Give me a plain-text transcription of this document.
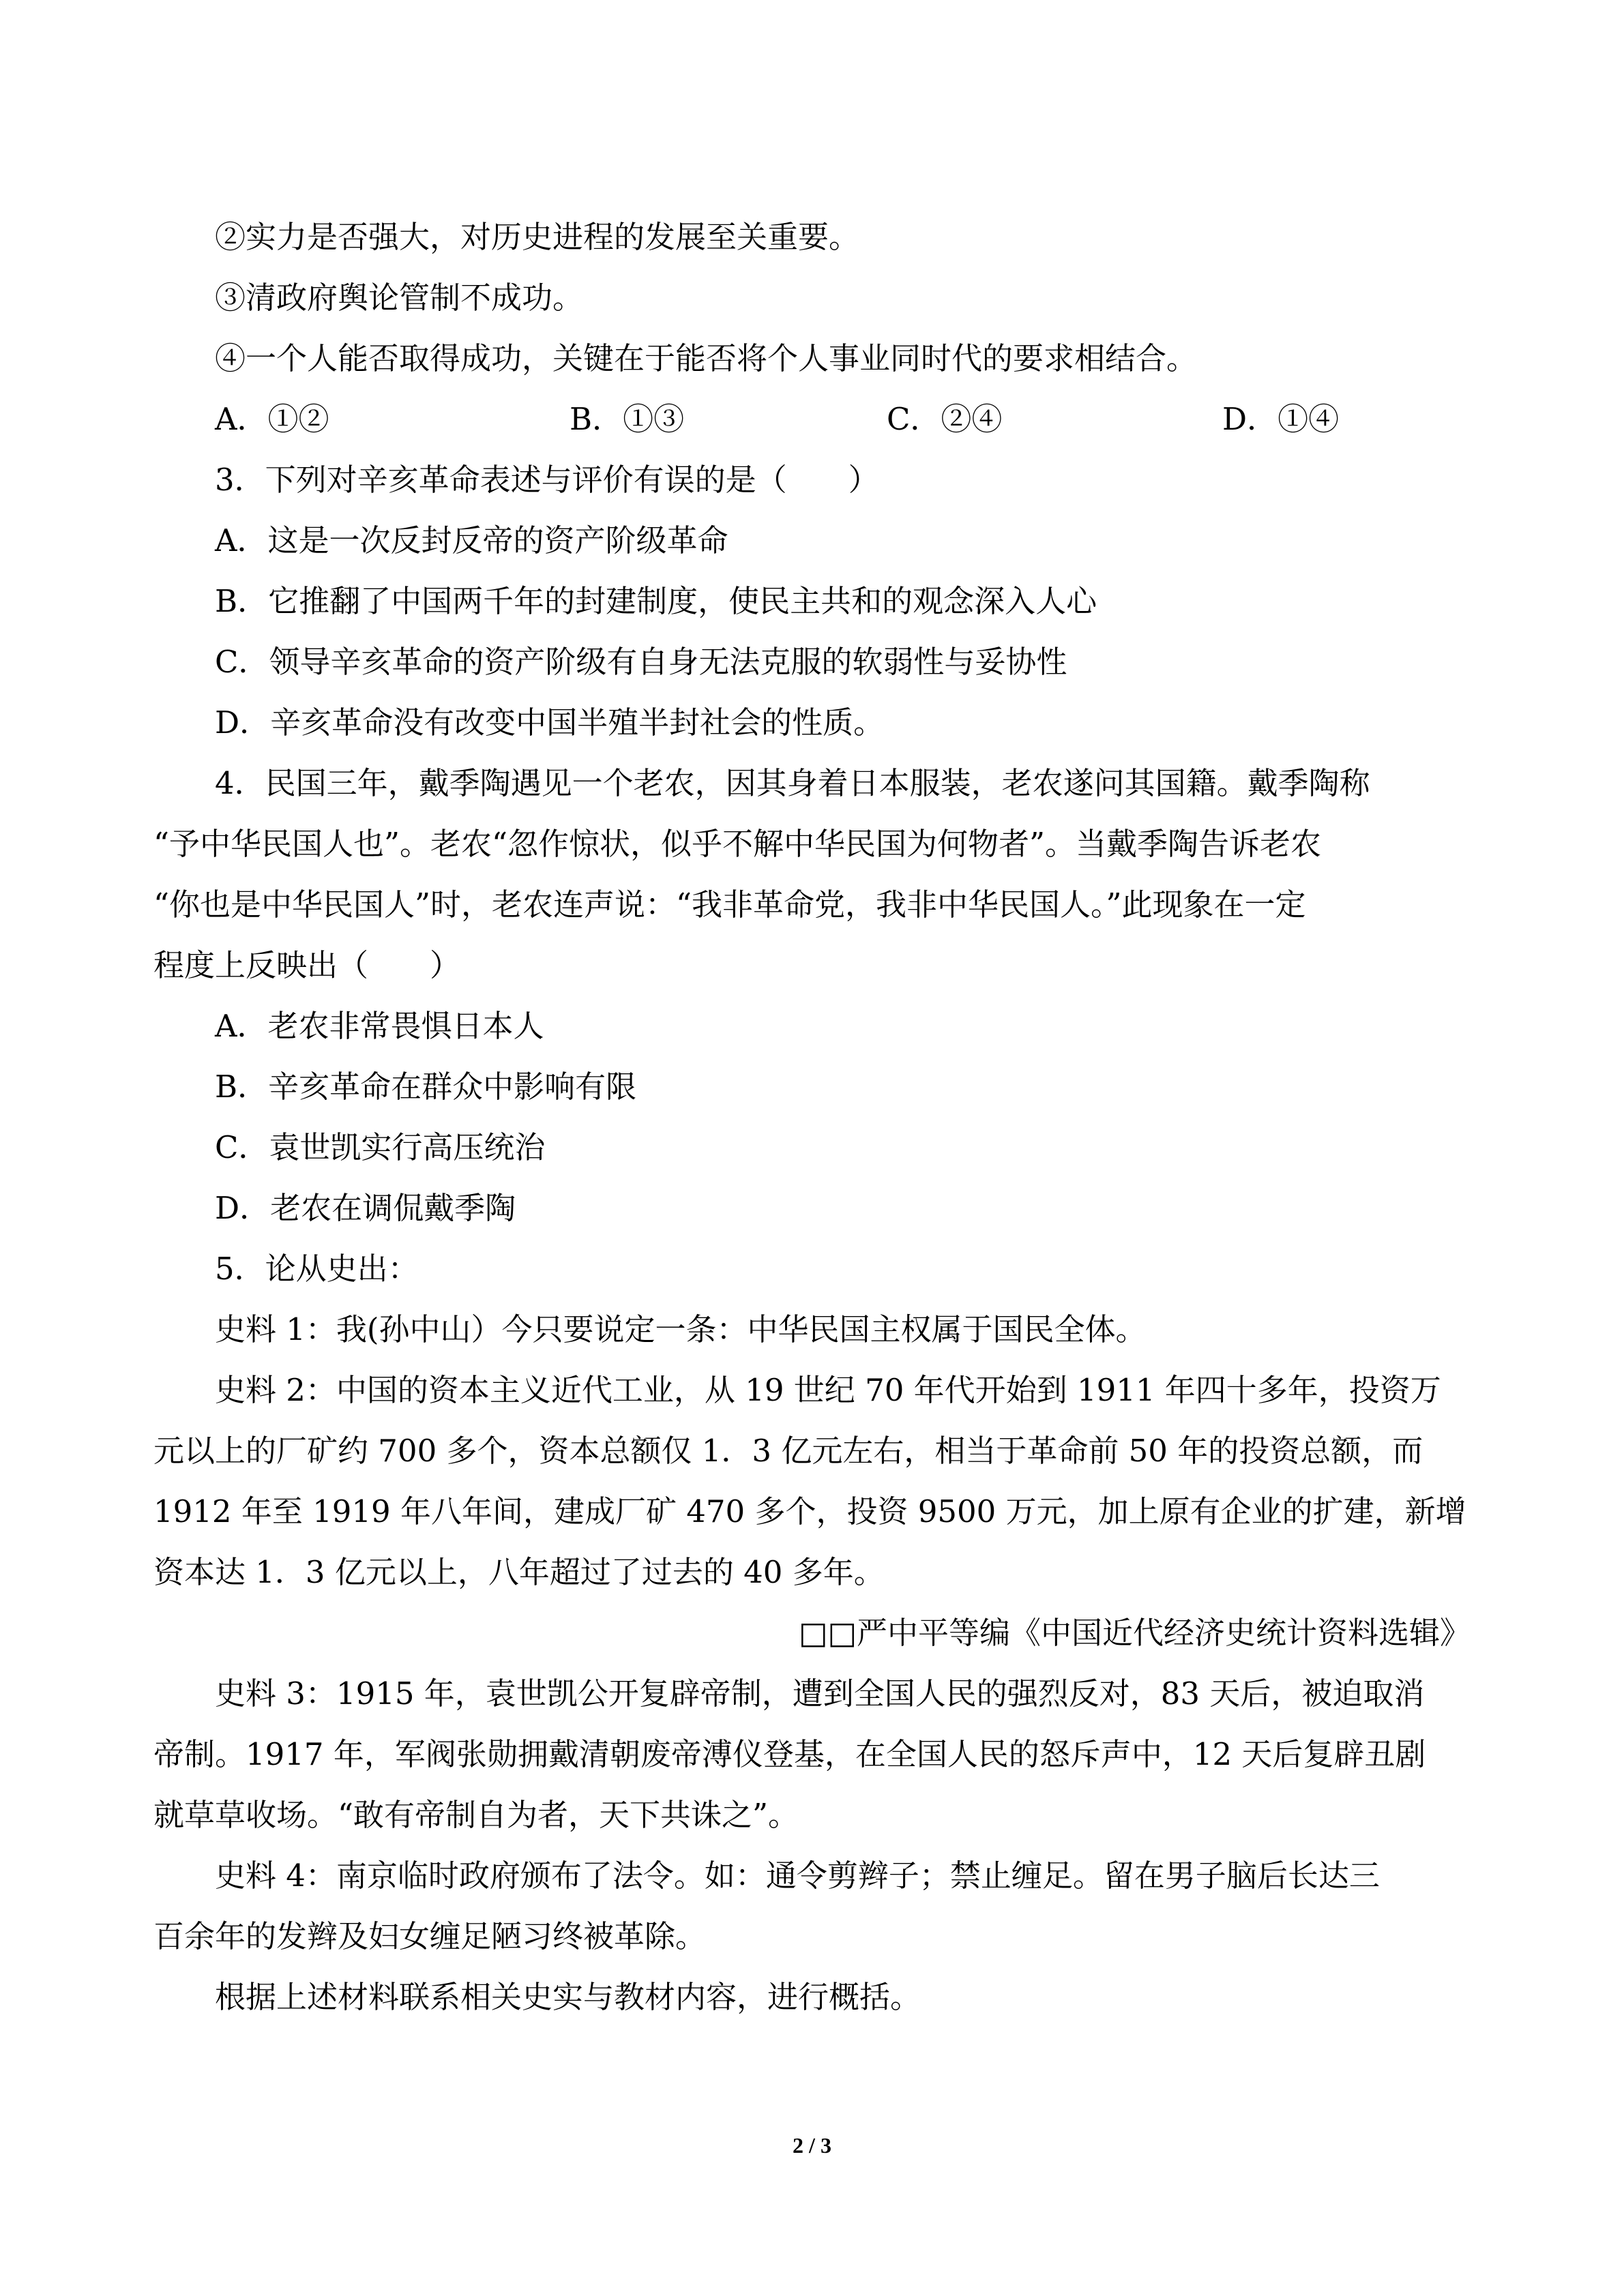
②实力是否强大，对历史进程的发展至关重要。
③清政府舆论管制不成功。
④一个人能否取得成功，关键在于能否将个人事业同时代的要求相结合。
A．①②	B．①③	C．②④	D．①④
3．下列对辛亥革命表述与评价有误的是（　　）
A．这是一次反封反帝的资产阶级革命
B．它推翻了中国两千年的封建制度，使民主共和的观念深入人心
C．领导辛亥革命的资产阶级有自身无法克服的软弱性与妥协性
D．辛亥革命没有改变中国半殖半封社会的性质。
4．民国三年，戴季陶遇见一个老农，因其身着日本服装，老农遂问其国籍。戴季陶称
“予中华民国人也”。老农“忽作惊状，似乎不解中华民国为何物者”。当戴季陶告诉老农
“你也是中华民国人”时，老农连声说：“我非革命党，我非中华民国人。”此现象在一定
程度上反映出（　　）
A．老农非常畏惧日本人
B．辛亥革命在群众中影响有限
C．袁世凯实行高压统治
D．老农在调侃戴季陶
5．论从史出：
史料 1：我(孙中山）今只要说定一条：中华民国主权属于国民全体。
史料 2：中国的资本主义近代工业，从 19 世纪 70 年代开始到 1911 年四十多年，投资万
元以上的厂矿约 700 多个，资本总额仅 1．3 亿元左右，相当于革命前 50 年的投资总额，而
1912 年至 1919 年八年间，建成厂矿 470 多个，投资 9500 万元，加上原有企业的扩建，新增
资本达 1．3 亿元以上，八年超过了过去的 40 多年。
□□严中平等编《中国近代经济史统计资料选辑》
史料 3：1915 年，袁世凯公开复辟帝制，遭到全国人民的强烈反对，83 天后，被迫取消
帝制。1917 年，军阀张勋拥戴清朝废帝溥仪登基，在全国人民的怒斥声中，12 天后复辟丑剧
就草草收场。“敢有帝制自为者，天下共诛之”。
史料 4：南京临时政府颁布了法令。如：通令剪辫子；禁止缠足。留在男子脑后长达三
百余年的发辫及妇女缠足陋习终被革除。
根据上述材料联系相关史实与教材内容，进行概括。
2 / 3
